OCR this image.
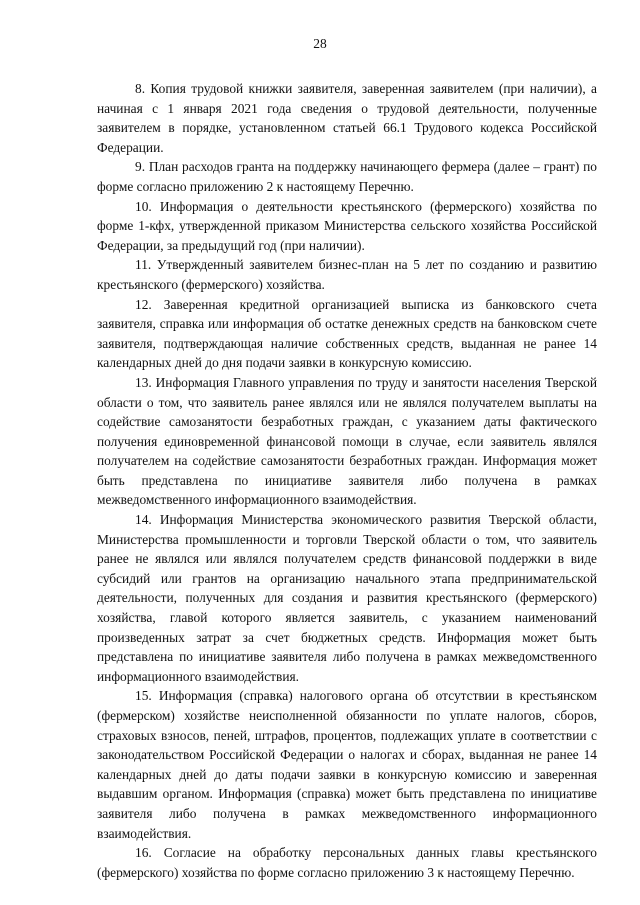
28

8. Копия трудовой книжки заявителя, заверенная заявителем (при наличии), а начиная с 1 января 2021 года сведения о трудовой деятельности, полученные заявителем в порядке, установленном статьей 66.1 Трудового кодекса Российской Федерации.

9. План расходов гранта на поддержку начинающего фермера (далее – грант) по форме согласно приложению 2 к настоящему Перечню.

10. Информация о деятельности крестьянского (фермерского) хозяйства по форме 1-кфх, утвержденной приказом Министерства сельского хозяйства Российской Федерации, за предыдущий год (при наличии).

11. Утвержденный заявителем бизнес-план на 5 лет по созданию и развитию крестьянского (фермерского) хозяйства.

12. Заверенная кредитной организацией выписка из банковского счета заявителя, справка или информация об остатке денежных средств на банковском счете заявителя, подтверждающая наличие собственных средств, выданная не ранее 14 календарных дней до дня подачи заявки в конкурсную комиссию.

13. Информация Главного управления по труду и занятости населения Тверской области о том, что заявитель ранее являлся или не являлся получателем выплаты на содействие самозанятости безработных граждан, с указанием даты фактического получения единовременной финансовой помощи в случае, если заявитель являлся получателем на содействие самозанятости безработных граждан. Информация может быть представлена по инициативе заявителя либо получена в рамках межведомственного информационного взаимодействия.

14. Информация Министерства экономического развития Тверской области, Министерства промышленности и торговли Тверской области о том, что заявитель ранее не являлся или являлся получателем средств финансовой поддержки в виде субсидий или грантов на организацию начального этапа предпринимательской деятельности, полученных для создания и развития крестьянского (фермерского) хозяйства, главой которого является заявитель, с указанием наименований произведенных затрат за счет бюджетных средств. Информация может быть представлена по инициативе заявителя либо получена в рамках межведомственного информационного взаимодействия.

15. Информация (справка) налогового органа об отсутствии в крестьянском (фермерском) хозяйстве неисполненной обязанности по уплате налогов, сборов, страховых взносов, пеней, штрафов, процентов, подлежащих уплате в соответствии с законодательством Российской Федерации о налогах и сборах, выданная не ранее 14 календарных дней до даты подачи заявки в конкурсную комиссию и заверенная выдавшим органом. Информация (справка) может быть представлена по инициативе заявителя либо получена в рамках межведомственного информационного взаимодействия.

16. Согласие на обработку персональных данных главы крестьянского (фермерского) хозяйства по форме согласно приложению 3 к настоящему Перечню.
